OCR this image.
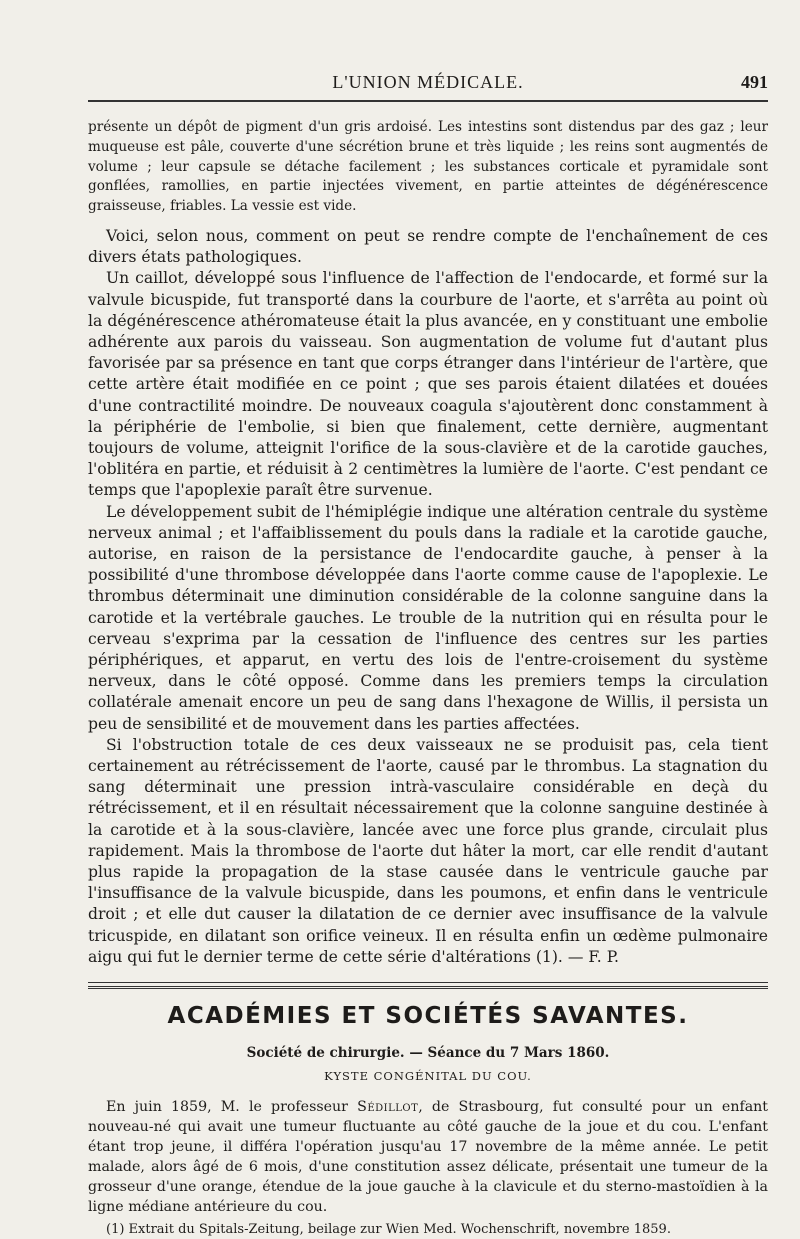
L'UNION MÉDICALE.	491

présente un dépôt de pigment d'un gris ardoisé. Les intestins sont distendus par des gaz ; leur muqueuse est pâle, couverte d'une sécrétion brune et très liquide ; les reins sont augmentés de volume ; leur capsule se détache facilement ; les substances corticale et pyramidale sont gonflées, ramollies, en partie injectées vivement, en partie atteintes de dégénérescence graisseuse, friables. La vessie est vide.

Voici, selon nous, comment on peut se rendre compte de l'enchaînement de ces divers états pathologiques.

Un caillot, développé sous l'influence de l'affection de l'endocarde, et formé sur la valvule bicuspide, fut transporté dans la courbure de l'aorte, et s'arrêta au point où la dégénérescence athéromateuse était la plus avancée, en y constituant une embolie adhérente aux parois du vaisseau. Son augmentation de volume fut d'autant plus favorisée par sa présence en tant que corps étranger dans l'intérieur de l'artère, que cette artère était modifiée en ce point ; que ses parois étaient dilatées et douées d'une contractilité moindre. De nouveaux coagula s'ajoutèrent donc constamment à la périphérie de l'embolie, si bien que finalement, cette dernière, augmentant toujours de volume, atteignit l'orifice de la sous-clavière et de la carotide gauches, l'oblitéra en partie, et réduisit à 2 centimètres la lumière de l'aorte. C'est pendant ce temps que l'apoplexie paraît être survenue.

Le développement subit de l'hémiplégie indique une altération centrale du système nerveux animal ; et l'affaiblissement du pouls dans la radiale et la carotide gauche, autorise, en raison de la persistance de l'endocardite gauche, à penser à la possibilité d'une thrombose développée dans l'aorte comme cause de l'apoplexie. Le thrombus déterminait une diminution considérable de la colonne sanguine dans la carotide et la vertébrale gauches. Le trouble de la nutrition qui en résulta pour le cerveau s'exprima par la cessation de l'influence des centres sur les parties périphériques, et apparut, en vertu des lois de l'entre-croisement du système nerveux, dans le côté opposé. Comme dans les premiers temps la circulation collatérale amenait encore un peu de sang dans l'hexagone de Willis, il persista un peu de sensibilité et de mouvement dans les parties affectées.

Si l'obstruction totale de ces deux vaisseaux ne se produisit pas, cela tient certainement au rétrécissement de l'aorte, causé par le thrombus. La stagnation du sang déterminait une pression intrà-vasculaire considérable en deçà du rétrécissement, et il en résultait nécessairement que la colonne sanguine destinée à la carotide et à la sous-clavière, lancée avec une force plus grande, circulait plus rapidement. Mais la thrombose de l'aorte dut hâter la mort, car elle rendit d'autant plus rapide la propagation de la stase causée dans le ventricule gauche par l'insuffisance de la valvule bicuspide, dans les poumons, et enfin dans le ventricule droit ; et elle dut causer la dilatation de ce dernier avec insuffisance de la valvule tricuspide, en dilatant son orifice veineux. Il en résulta enfin un œdème pulmonaire aigu qui fut le dernier terme de cette série d'altérations (1). — F. P.

ACADÉMIES ET SOCIÉTÉS SAVANTES.
Société de chirurgie. — Séance du 7 Mars 1860.
KYSTE CONGÉNITAL DU COU.

En juin 1859, M. le professeur Sédillot, de Strasbourg, fut consulté pour un enfant nouveau-né qui avait une tumeur fluctuante au côté gauche de la joue et du cou. L'enfant étant trop jeune, il différa l'opération jusqu'au 17 novembre de la même année. Le petit malade, alors âgé de 6 mois, d'une constitution assez délicate, présentait une tumeur de la grosseur d'une orange, étendue de la joue gauche à la clavicule et du sterno-mastoïdien à la ligne médiane antérieure du cou.

(1) Extrait du Spitals-Zeitung, beilage zur Wien Med. Wochenschrift, novembre 1859.
